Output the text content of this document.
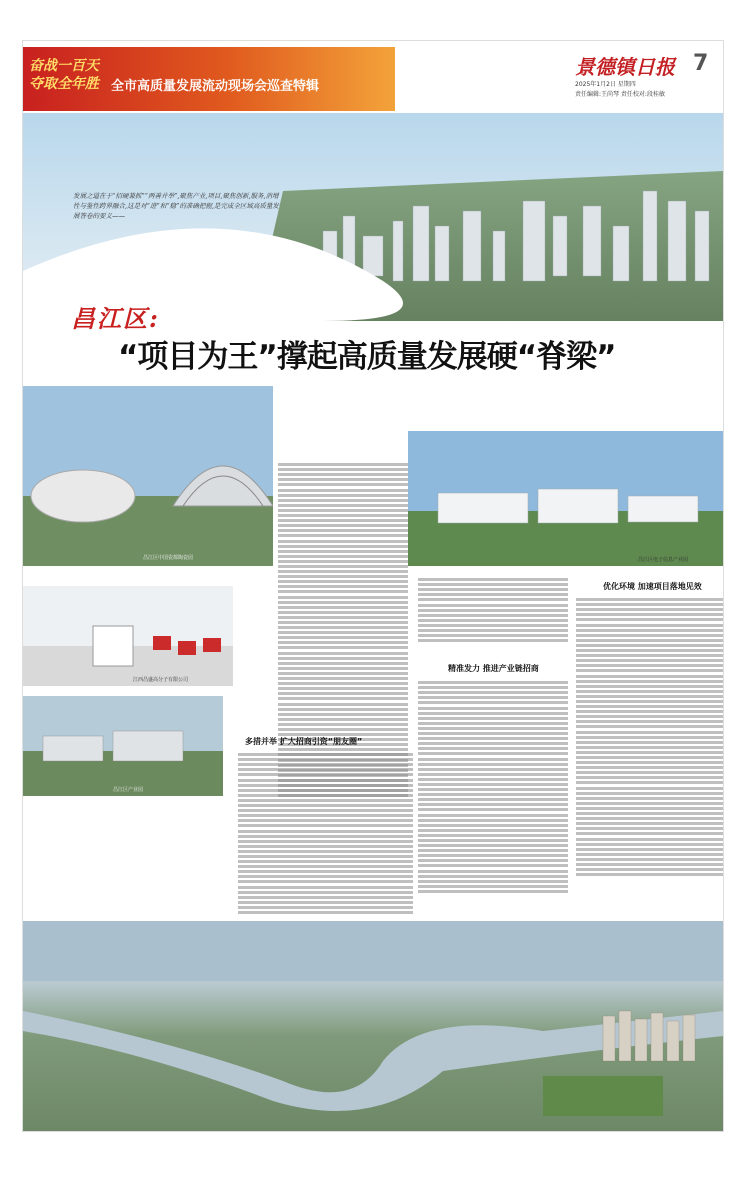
奋战一百天
夺取全年胜 全市高质量发展流动现场会巡查特辑
景德镇日报 7
2025年1月2日 星期四
责任编辑:王尚琴 责任校对:段桂敏
发展之道在于“招硬兼抓”“两善并举”,聚焦产业,项目,聚焦创新,服务,消增性与鉴性跨界融合,这是对“进”和“稳”的准确把握,是完成全区域高质量发展答卷的要义——
昌江区:
“项目为王”撑起高质量发展硬“脊梁”
昌江区中国瓷都陶瓷园
江西昌盛高分子有限公司
昌江区产业园
昌江区电子信息产业园
多措并举 扩大招商引资“朋友圈”
精准发力 推进产业链招商
优化环境 加速项目落地见效
